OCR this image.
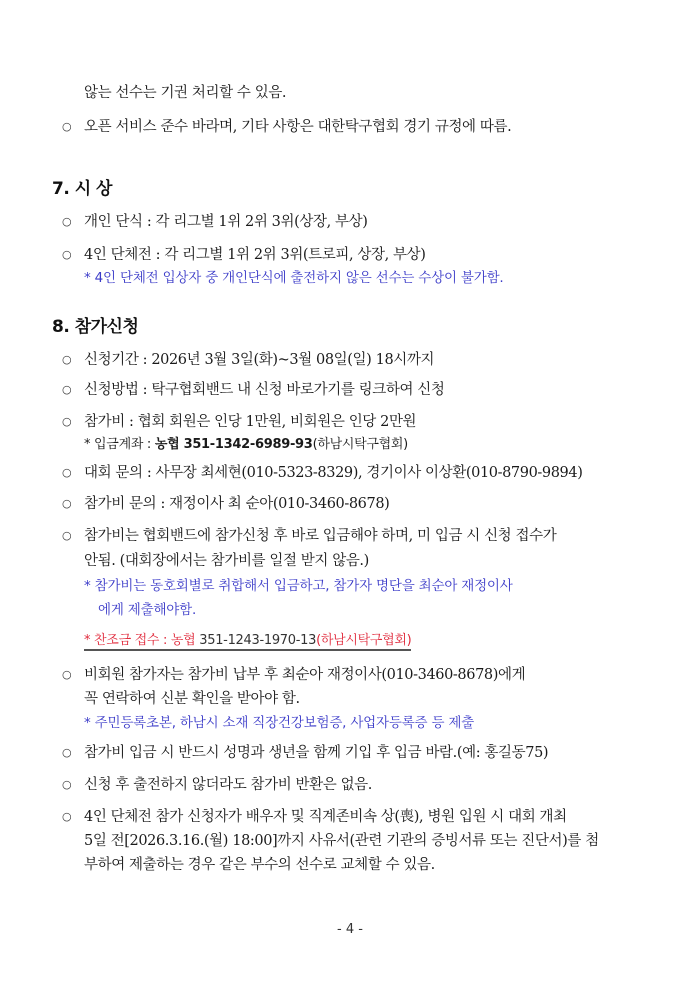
않는 선수는 기권 처리할 수 있음.
○ 오픈 서비스 준수 바라며, 기타 사항은 대한탁구협회 경기 규정에 따름.
7. 시 상
○ 개인 단식 : 각 리그별 1위 2위 3위(상장, 부상)
○ 4인 단체전 : 각 리그별 1위 2위 3위(트로피, 상장, 부상)
* 4인 단체전 입상자 중 개인단식에 출전하지 않은 선수는 수상이 불가함.
8. 참가신청
○ 신청기간 : 2026년 3월 3일(화)~3월 08일(일) 18시까지
○ 신청방법 : 탁구협회밴드 내 신청 바로가기를 링크하여 신청
○ 참가비 : 협회 회원은 인당 1만원, 비회원은 인당 2만원
* 입금계좌 : 농협 351-1342-6989-93(하남시탁구협회)
○ 대회 문의 : 사무장 최세현(010-5323-8329), 경기이사 이상환(010-8790-9894)
○ 참가비 문의 : 재정이사 최 순아(010-3460-8678)
○ 참가비는 협회밴드에 참가신청 후 바로 입금해야 하며, 미 입금 시 신청 접수가
안됨. (대회장에서는 참가비를 일절 받지 않음.)
* 참가비는 동호회별로 취합해서 입금하고, 참가자 명단을 최순아 재정이사
에게 제출해야함.
* 찬조금 접수 : 농협 351-1243-1970-13(하남시탁구협회)
○ 비회원 참가자는 참가비 납부 후 최순아 재정이사(010-3460-8678)에게
꼭 연락하여 신분 확인을 받아야 함.
* 주민등록초본, 하남시 소재 직장건강보험증, 사업자등록증 등 제출
○ 참가비 입금 시 반드시 성명과 생년을 함께 기입 후 입금 바람.(예: 홍길동75)
○ 신청 후 출전하지 않더라도 참가비 반환은 없음.
○ 4인 단체전 참가 신청자가 배우자 및 직계존비속 상(喪), 병원 입원 시 대회 개최
5일 전[2026.3.16.(월) 18:00]까지 사유서(관련 기관의 증빙서류 또는 진단서)를 첨
부하여 제출하는 경우 같은 부수의 선수로 교체할 수 있음.
- 4 -
